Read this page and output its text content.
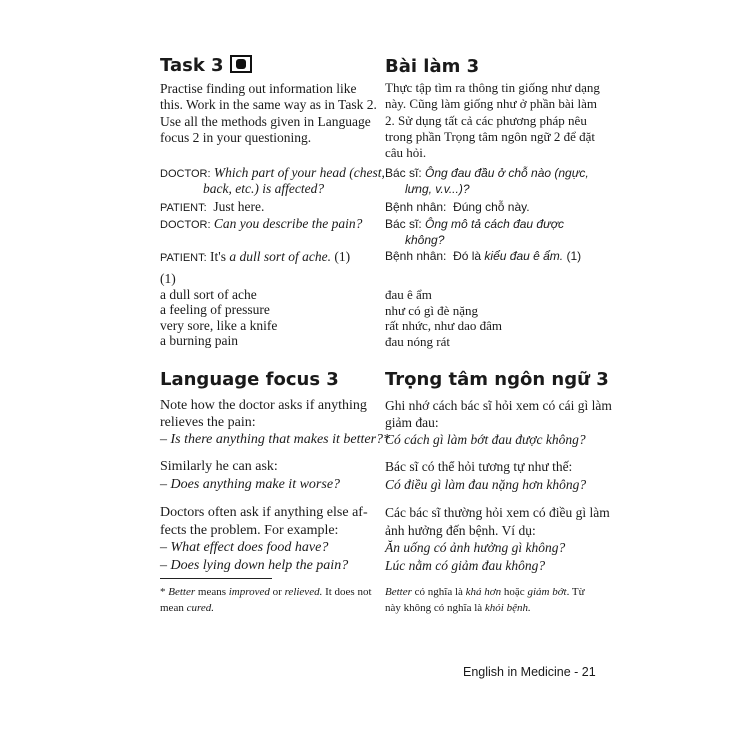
Task 3
Practise finding out information like
this. Work in the same way as in Task 2.
Use all the methods given in Language
focus 2 in your questioning.
DOCTOR: Which part of your head (chest,
back, etc.) is affected?
PATIENT: Just here.
DOCTOR: Can you describe the pain?
PATIENT: It's a dull sort of ache. (1)
(1)
a dull sort of ache
a feeling of pressure
very sore, like a knife
a burning pain
Language focus 3
Note how the doctor asks if anything
relieves the pain:
– Is there anything that makes it better?*
Similarly he can ask:
– Does anything make it worse?
Doctors often ask if anything else af-
fects the problem. For example:
– What effect does food have?
– Does lying down help the pain?
* Better means improved or relieved. It does not
mean cured.
Bài làm 3
Thực tập tìm ra thông tin giống như dạng
này. Cũng làm giống như ở phần bài làm
2. Sử dụng tất cả các phương pháp nêu
trong phần Trọng tâm ngôn ngữ 2 để đặt
câu hỏi.
Bác sĩ: Ông đau đầu ở chỗ nào (ngực,
lưng, v.v...)?
Bệnh nhân: Đúng chỗ này.
Bác sĩ: Ông mô tả cách đau được
không?
Bệnh nhân: Đó là kiểu đau ê ẩm. (1)
đau ê ẩm
như có gì đè nặng
rất nhức, như dao đâm
đau nóng rát
Trọng tâm ngôn ngữ 3
Ghi nhớ cách bác sĩ hỏi xem có cái gì làm
giảm đau:
Có cách gì làm bớt đau được không?
Bác sĩ có thể hỏi tương tự như thế:
Có điều gì làm đau nặng hơn không?
Các bác sĩ thường hỏi xem có điều gì làm
ảnh hưởng đến bệnh. Ví dụ:
Ăn uống có ảnh hưởng gì không?
Lúc nằm có giảm đau không?
Better có nghĩa là khá hơn hoặc giảm bớt. Từ
này không có nghĩa là khỏi bệnh.
English in Medicine - 21
